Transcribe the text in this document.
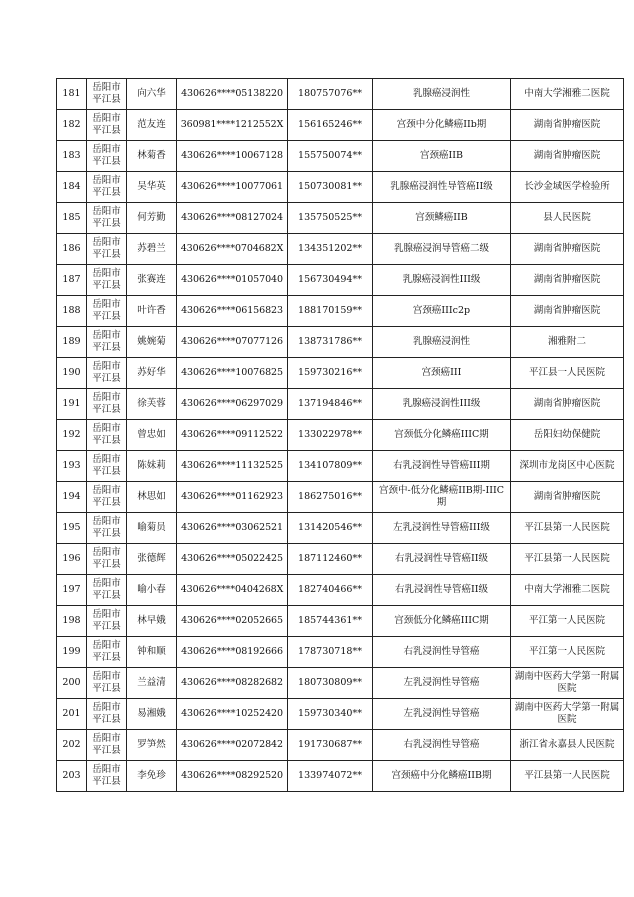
181	岳阳市平江县	向六华	430626****05138220	180757076**	乳腺癌浸润性	中南大学湘雅二医院
182	岳阳市平江县	范友连	360981****1212552X	156165246**	宫颈中分化鳞癌IIb期	湖南省肿瘤医院
183	岳阳市平江县	林菊香	430626****10067128	155750074**	宫颈癌IIB	湖南省肿瘤医院
184	岳阳市平江县	吴华英	430626****10077061	150730081**	乳腺癌浸润性导管癌II级	长沙金域医学检验所
185	岳阳市平江县	何芳勤	430626****08127024	135750525**	宫颈鳞癌IIB	县人民医院
186	岳阳市平江县	苏碧兰	430626****0704682X	134351202**	乳腺癌浸润导管癌二级	湖南省肿瘤医院
187	岳阳市平江县	张赛连	430626****01057040	156730494**	乳腺癌浸润性III级	湖南省肿瘤医院
188	岳阳市平江县	叶许香	430626****06156823	188170159**	宫颈癌IIIc2p	湖南省肿瘤医院
189	岳阳市平江县	姚婉菊	430626****07077126	138731786**	乳腺癌浸润性	湘雅附二
190	岳阳市平江县	苏好华	430626****10076825	159730216**	宫颈癌III	平江县一人民医院
191	岳阳市平江县	徐芙蓉	430626****06297029	137194846**	乳腺癌浸润性III级	湖南省肿瘤医院
192	岳阳市平江县	曾忠如	430626****09112522	133022978**	宫颈低分化鳞癌IIIC期	岳阳妇幼保健院
193	岳阳市平江县	陈妹莉	430626****11132525	134107809**	右乳浸润性导管癌III期	深圳市龙岗区中心医院
194	岳阳市平江县	林思如	430626****01162923	186275016**	宫颈中-低分化鳞癌IIB期-IIIC期	湖南省肿瘤医院
195	岳阳市平江县	喻菊员	430626****03062521	131420546**	左乳浸润性导管癌III级	平江县第一人民医院
196	岳阳市平江县	张德辉	430626****05022425	187112460**	右乳浸润性导管癌II级	平江县第一人民医院
197	岳阳市平江县	喻小春	430626****0404268X	182740466**	右乳浸润性导管癌II级	中南大学湘雅二医院
198	岳阳市平江县	林早娥	430626****02052665	185744361**	宫颈低分化鳞癌IIIC期	平江第一人民医院
199	岳阳市平江县	钟和顺	430626****08192666	178730718**	右乳浸润性导管癌	平江第一人民医院
200	岳阳市平江县	兰益清	430626****08282682	180730809**	左乳浸润性导管癌	湖南中医药大学第一附属医院
201	岳阳市平江县	易湘娥	430626****10252420	159730340**	左乳浸润性导管癌	湖南中医药大学第一附属医院
202	岳阳市平江县	罗笋然	430626****02072842	191730687**	右乳浸润性导管癌	浙江省永嘉县人民医院
203	岳阳市平江县	李免珍	430626****08292520	133974072**	宫颈癌中分化鳞癌IIB期	平江县第一人民医院
